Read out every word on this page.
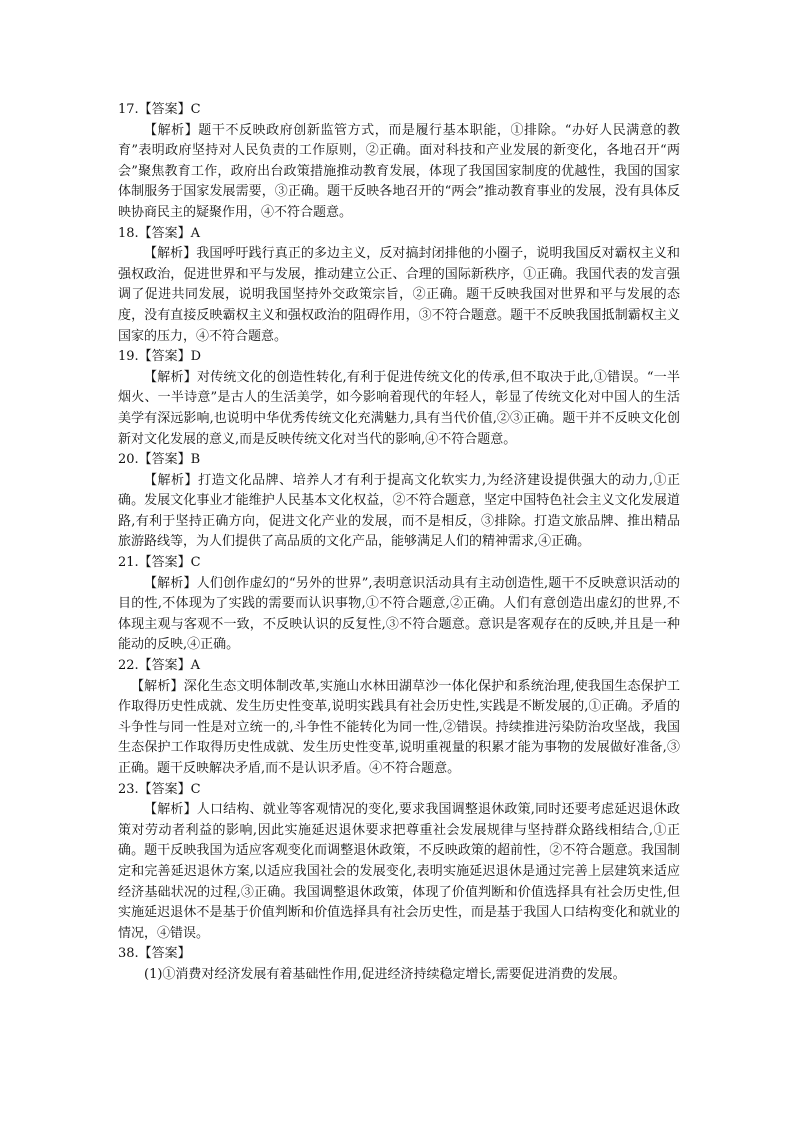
17.【答案】C

【解析】题干不反映政府创新监管方式，而是履行基本职能，①排除。“办好人民满意的教育”表明政府坚持对人民负责的工作原则，②正确。面对科技和产业发展的新变化，各地召开“两会”聚焦教育工作，政府出台政策措施推动教育发展，体现了我国国家制度的优越性，我国的国家体制服务于国家发展需要，③正确。题干反映各地召开的“两会”推动教育事业的发展，没有具体反映协商民主的疑聚作用，④不符合题意。

18.【答案】A

【解析】我国呼吁践行真正的多边主义，反对搞封闭排他的小圈子，说明我国反对霸权主义和强权政治，促进世界和平与发展，推动建立公正、合理的国际新秩序，①正确。我国代表的发言强调了促进共同发展，说明我国坚持外交政策宗旨，②正确。题干反映我国对世界和平与发展的态度，没有直接反映霸权主义和强权政治的阻碍作用，③不符合题意。题干不反映我国抵制霸权主义国家的压力，④不符合题意。

19.【答案】D

【解析】对传统文化的创造性转化,有利于促进传统文化的传承,但不取决于此,①错误。“一半烟火、一半诗意”是古人的生活美学，如今影响着现代的年轻人，彰显了传统文化对中国人的生活美学有深远影响,也说明中华优秀传统文化充满魅力,具有当代价值,②③正确。题干并不反映文化创新对文化发展的意义,而是反映传统文化对当代的影响,④不符合题意。

20.【答案】B

【解析】打造文化品牌、培养人才有利于提高文化软实力,为经济建设提供强大的动力,①正确。发展文化事业才能维护人民基本文化权益，②不符合题意，坚定中国特色社会主义文化发展道路,有利于坚持正确方向，促进文化产业的发展，而不是相反，③排除。打造文旅品牌、推出精品旅游路线等，为人们提供了高品质的文化产品，能够满足人们的精神需求,④正确。

21.【答案】C

【解析】人们创作虚幻的“另外的世界”,表明意识活动具有主动创造性,题干不反映意识活动的目的性,不体现为了实践的需要而认识事物,①不符合题意,②正确。人们有意创造出虚幻的世界,不体现主观与客观不一致，不反映认识的反复性,③不符合题意。意识是客观存在的反映,并且是一种能动的反映,④正确。

22.【答案】A

【解析】深化生态文明体制改革,实施山水林田湖草沙一体化保护和系统治理,使我国生态保护工作取得历史性成就、发生历史性变革,说明实践具有社会历史性,实践是不断发展的,①正确。矛盾的斗争性与同一性是对立统一的,斗争性不能转化为同一性,②错误。持续推进污染防治攻坚战，我国生态保护工作取得历史性成就、发生历史性变革,说明重视量的积累才能为事物的发展做好准备,③正确。题干反映解决矛盾,而不是认识矛盾。④不符合题意。

23.【答案】C

【解析】人口结构、就业等客观情况的变化,要求我国调整退休政策,同时还要考虑延迟退休政策对劳动者利益的影响,因此实施延迟退休要求把尊重社会发展规律与坚持群众路线相结合,①正确。题干反映我国为适应客观变化而调整退休政策，不反映政策的超前性，②不符合题意。我国制定和完善延迟退休方案,以适应我国社会的发展变化,表明实施延迟退休是通过完善上层建筑来适应经济基础状况的过程,③正确。我国调整退休政策，体现了价值判断和价值选择具有社会历史性,但实施延迟退休不是基于价值判断和价值选择具有社会历史性，而是基于我国人口结构变化和就业的情况，④错误。

38.【答案】

(1)①消费对经济发展有着基础性作用,促进经济持续稳定增长,需要促进消费的发展。
